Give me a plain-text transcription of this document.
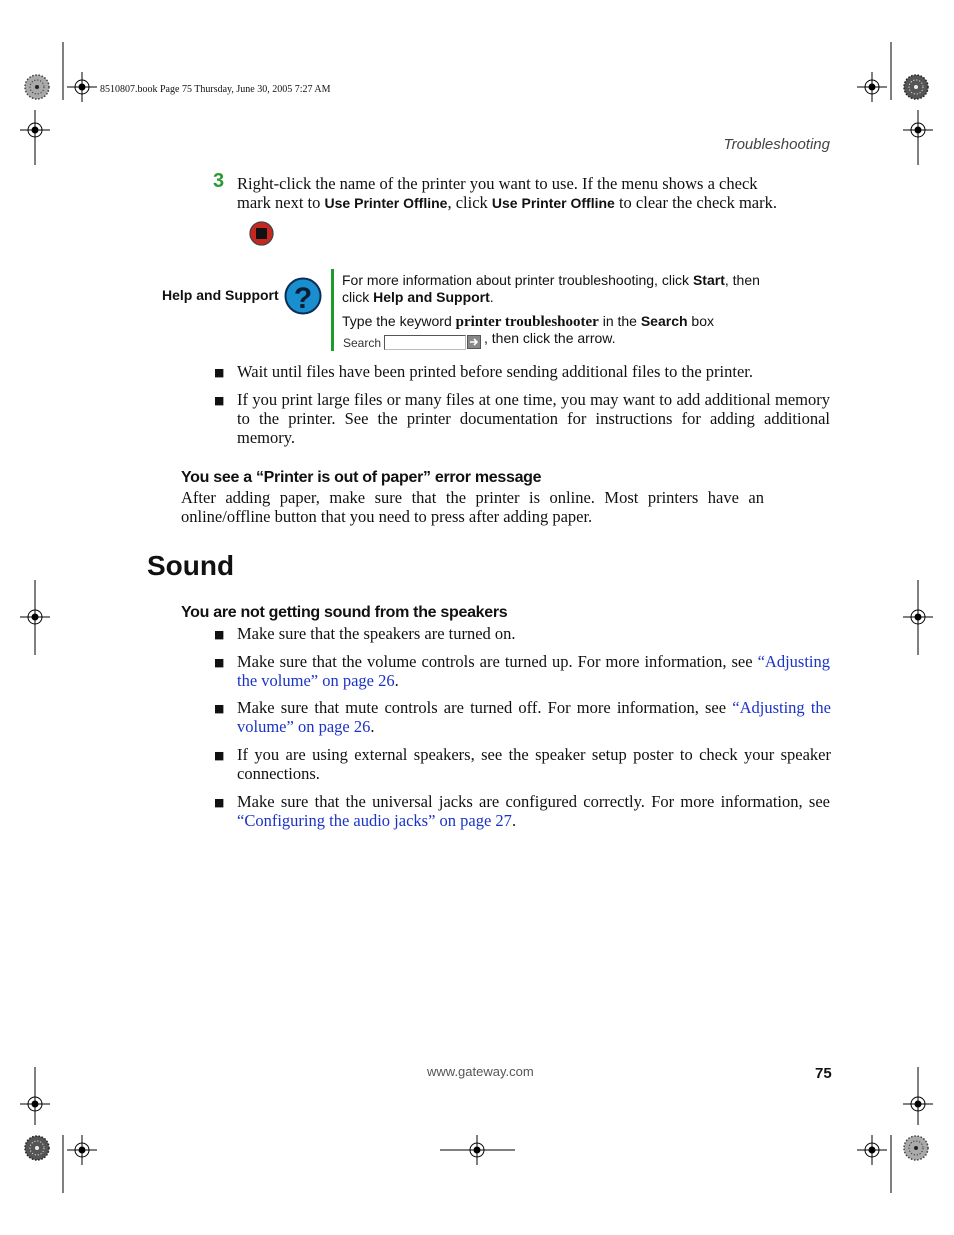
8510807.book Page 75 Thursday, June 30, 2005 7:27 AM
Troubleshooting
3 Right-click the name of the printer you want to use. If the menu shows a check
mark next to Use Printer Offline, click Use Printer Offline to clear the check mark.
Help and Support ?
For more information about printer troubleshooting, click Start, then
click Help and Support.
Type the keyword printer troubleshooter in the Search box
Search	, then click the arrow.
■ Wait until files have been printed before sending additional files to the printer.
■ If you print large files or many files at one time, you may want to add additional memory to the printer. See the printer documentation for instructions for adding additional memory.
You see a “Printer is out of paper” error message
After adding paper, make sure that the printer is online. Most printers have an online/offline button that you need to press after adding paper.
Sound
You are not getting sound from the speakers
■ Make sure that the speakers are turned on.
■ Make sure that the volume controls are turned up. For more information, see “Adjusting the volume” on page 26.
■ Make sure that mute controls are turned off. For more information, see “Adjusting the volume” on page 26.
■ If you are using external speakers, see the speaker setup poster to check your speaker connections.
■ Make sure that the universal jacks are configured correctly. For more information, see “Configuring the audio jacks” on page 27.
www.gateway.com	75
